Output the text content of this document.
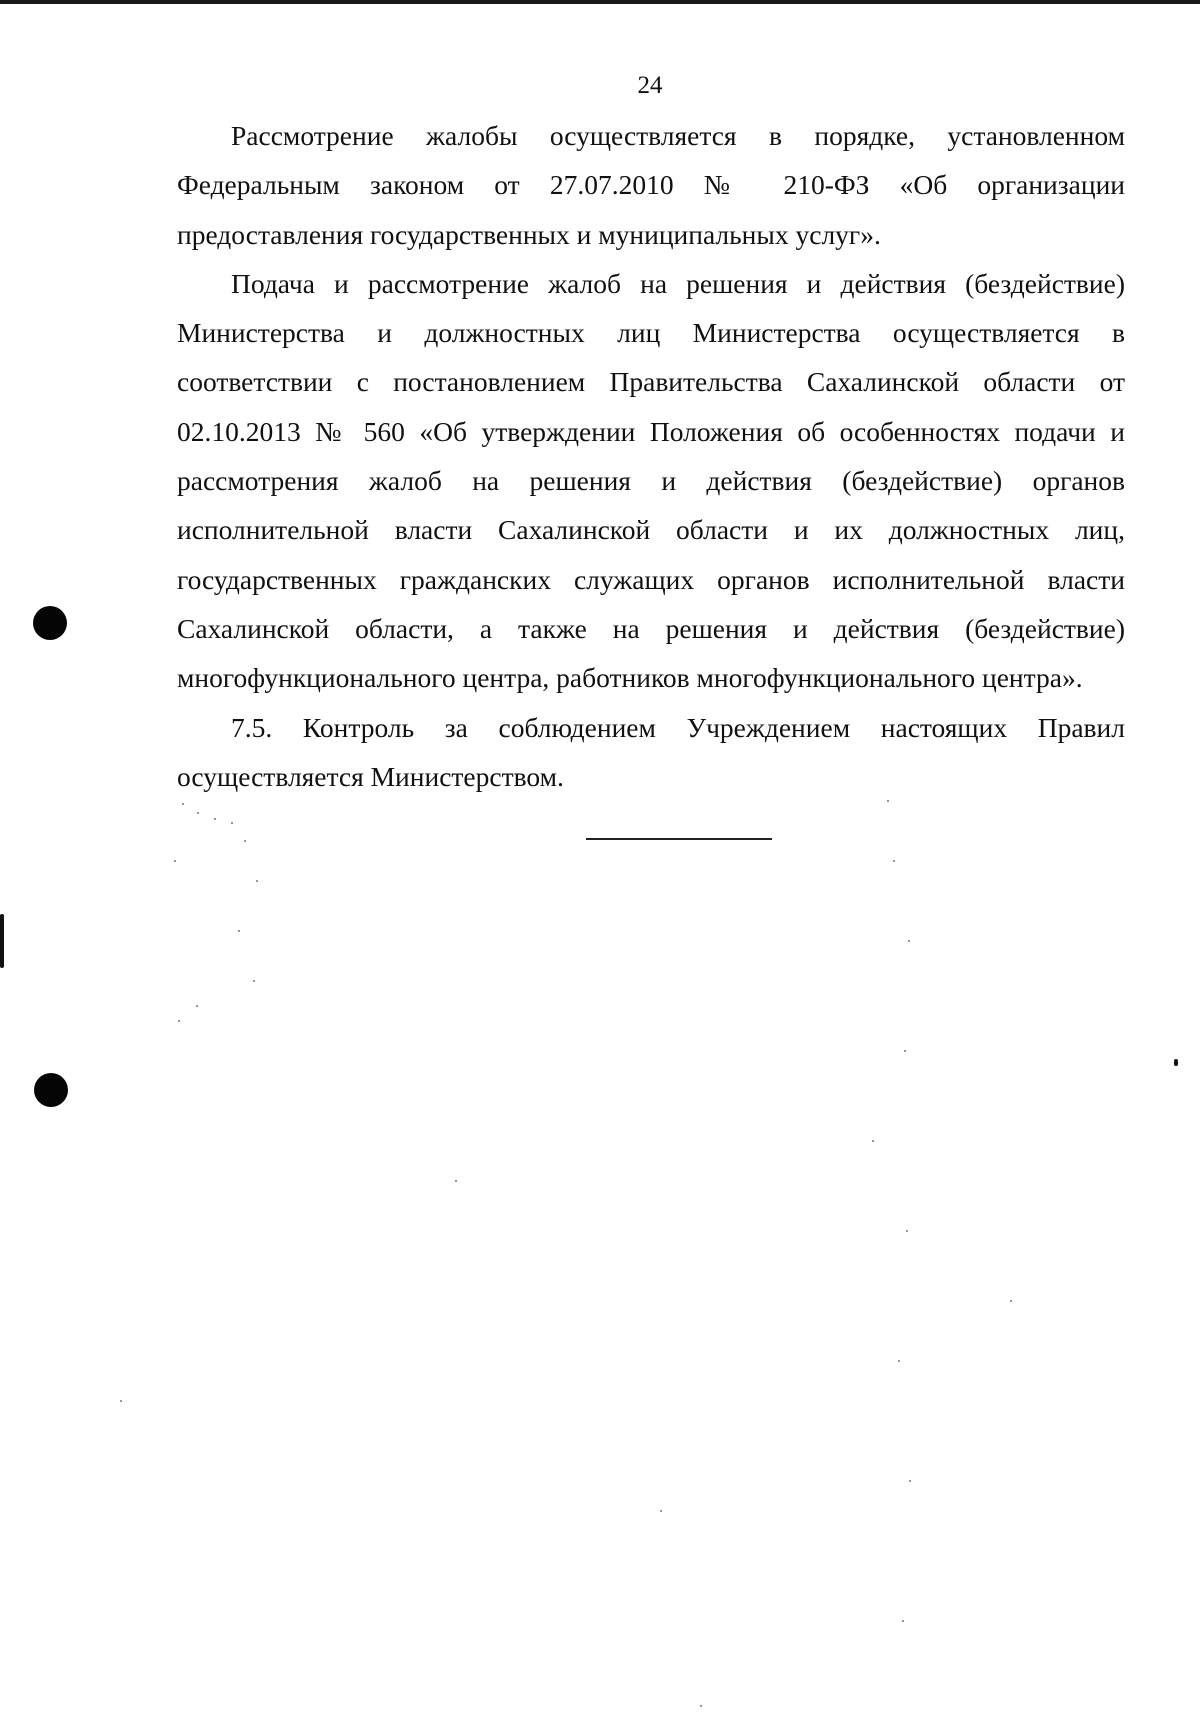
24

Рассмотрение жалобы осуществляется в порядке, установленном Федеральным законом от 27.07.2010 № 210-ФЗ «Об организации предоставления государственных и муниципальных услуг».

Подача и рассмотрение жалоб на решения и действия (бездействие) Министерства и должностных лиц Министерства осуществляется в соответствии с постановлением Правительства Сахалинской области от 02.10.2013 № 560 «Об утверждении Положения об особенностях подачи и рассмотрения жалоб на решения и действия (бездействие) органов исполнительной власти Сахалинской области и их должностных лиц, государственных гражданских служащих органов исполнительной власти Сахалинской области, а также на решения и действия (бездействие) многофункционального центра, работников многофункционального центра».

7.5. Контроль за соблюдением Учреждением настоящих Правил осуществляется Министерством.
